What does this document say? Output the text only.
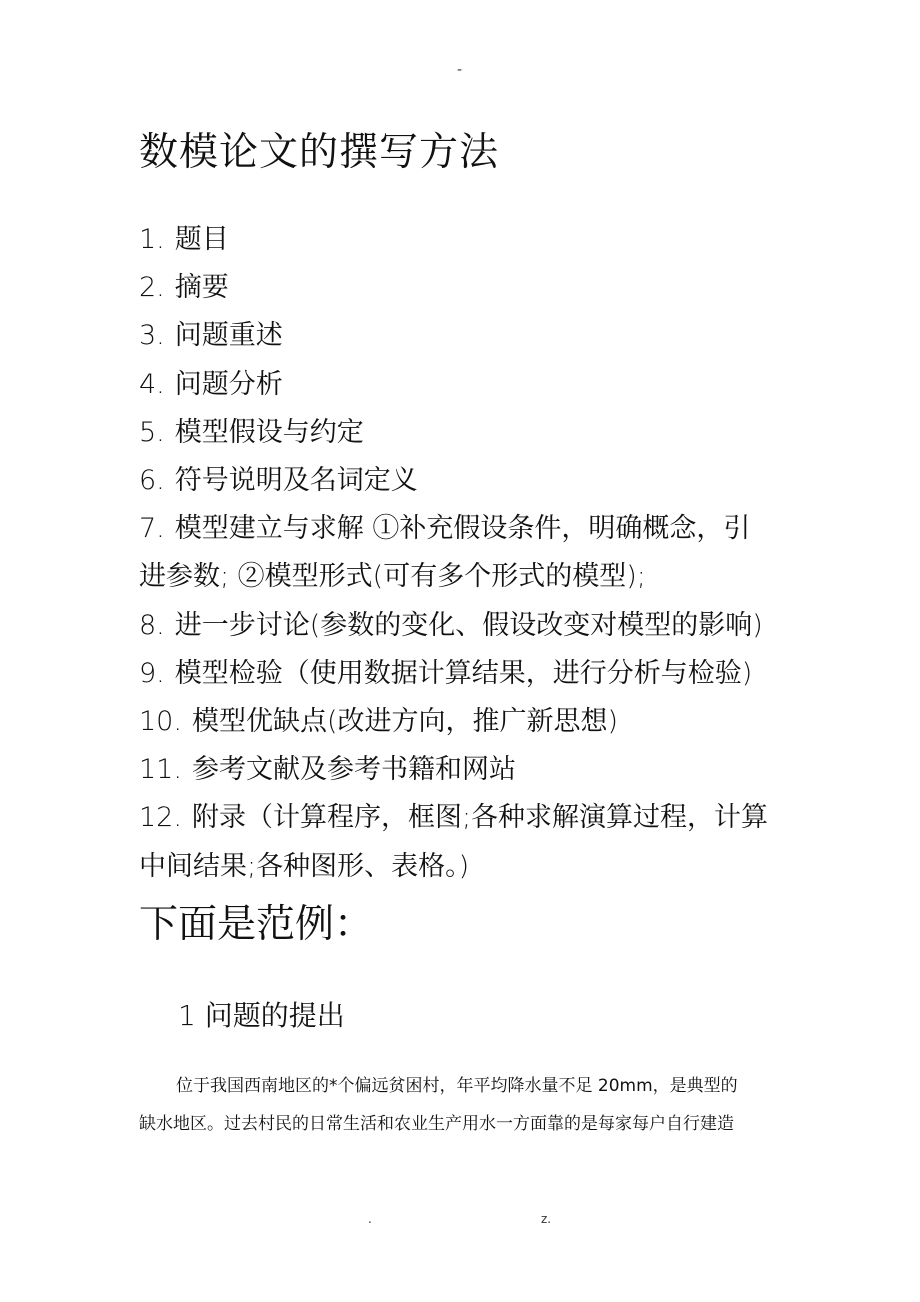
-
数模论文的撰写方法
1. 题目
2. 摘要
3. 问题重述
4. 问题分析
5. 模型假设与约定
6. 符号说明及名词定义
7. 模型建立与求解 ①补充假设条件，明确概念，引
进参数; ②模型形式(可有多个形式的模型);
8. 进一步讨论(参数的变化、假设改变对模型的影响)
9. 模型检验（使用数据计算结果，进行分析与检验)
10. 模型优缺点(改进方向，推广新思想)
11. 参考文献及参考书籍和网站
12. 附录（计算程序，框图;各种求解演算过程，计算
中间结果;各种图形、表格。)
下面是范例：
1 问题的提出
位于我国西南地区的*个偏远贫困村，年平均降水量不足 20mm，是典型的
缺水地区。过去村民的日常生活和农业生产用水一方面靠的是每家每户自行建造
.	z.
